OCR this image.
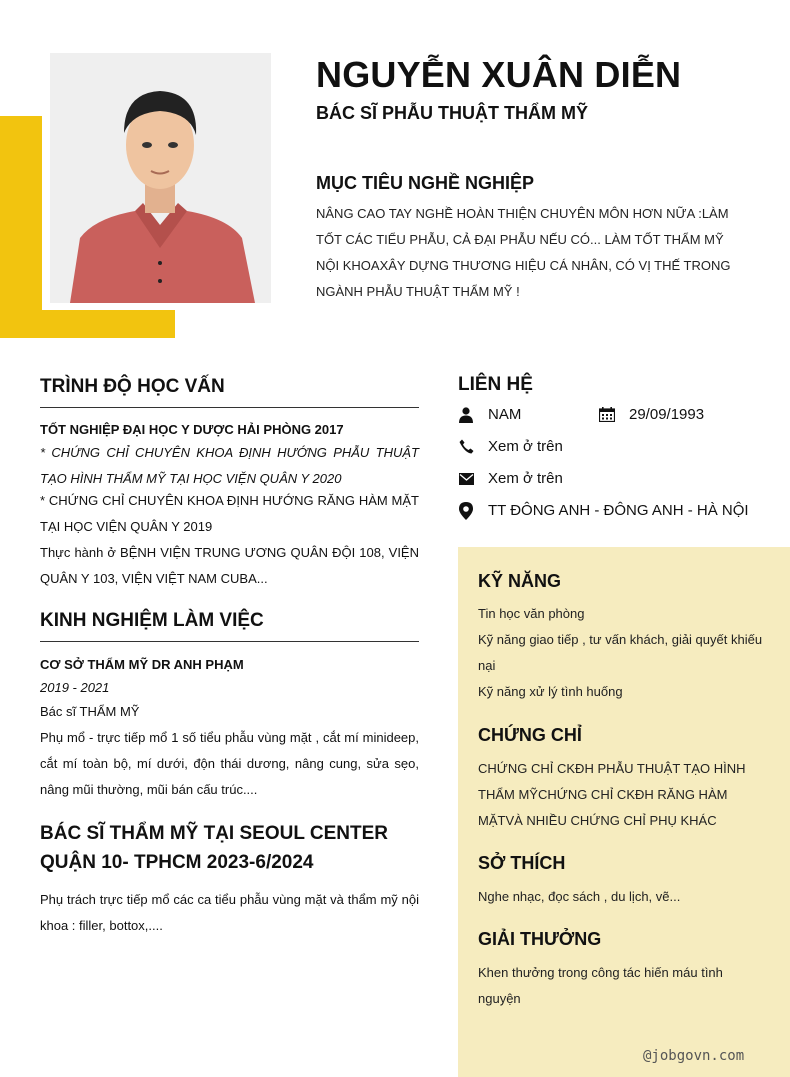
NGUYỄN XUÂN DIỄN
BÁC SĨ PHẪU THUẬT THẨM MỸ
MỤC TIÊU NGHỀ NGHIỆP
NÂNG CAO TAY NGHỀ HOÀN THIỆN CHUYÊN MÔN HƠN NỮA :LÀM TỐT CÁC TIỂU PHẪU, CẢ ĐẠI PHẪU NẾU CÓ... LÀM TỐT THẨM MỸ NỘI KHOAXÂY DỰNG THƯƠNG HIỆU CÁ NHÂN, CÓ VỊ THẾ TRONG NGÀNH PHẪU THUẬT THẨM MỸ !
TRÌNH ĐỘ HỌC VẤN
TỐT NGHIỆP ĐẠI HỌC Y DƯỢC HẢI PHÒNG 2017
* CHỨNG CHỈ CHUYÊN KHOA ĐỊNH HƯỚNG PHẪU THUẬT TẠO HÌNH THẨM MỸ TẠI HỌC VIỆN QUÂN Y 2020
* CHỨNG CHỈ CHUYÊN KHOA ĐỊNH HƯỚNG RĂNG HÀM MẶT TẠI HỌC VIỆN QUÂN Y 2019
Thực hành ở BỆNH VIỆN TRUNG ƯƠNG QUÂN ĐỘI 108, VIỆN QUÂN Y 103, VIỆN VIỆT NAM CUBA...
KINH NGHIỆM LÀM VIỆC
CƠ SỞ THẨM MỸ DR ANH PHẠM
2019 - 2021
Bác sĩ THẨM MỸ
Phụ mổ - trực tiếp mổ 1 số tiểu phẫu vùng mặt , cắt mí minideep, cắt mí toàn bộ, mí dưới, độn thái dương, nâng cung, sửa sẹo, nâng mũi thường, mũi bán cấu trúc....
BÁC SĨ THẨM MỸ TẠI SEOUL CENTER QUẬN 10- TPHCM 2023-6/2024
Phụ trách trực tiếp mổ các ca tiểu phẫu vùng mặt và thẩm mỹ nội khoa : filler, bottox,....
LIÊN HỆ
NAM	29/09/1993
Xem ở trên
Xem ở trên
TT ĐÔNG ANH - ĐÔNG ANH - HÀ NỘI
KỸ NĂNG
Tin học văn phòng
Kỹ năng giao tiếp , tư vấn khách, giải quyết khiếu nại
Kỹ năng xử lý tình huống
CHỨNG CHỈ
CHỨNG CHỈ CKĐH PHẪU THUẬT TẠO HÌNH THẨM MỸCHỨNG CHỈ CKĐH RĂNG HÀM MẶTVÀ NHIỀU CHỨNG CHỈ PHỤ KHÁC
SỞ THÍCH
Nghe nhạc, đọc sách , du lịch, vẽ...
GIẢI THƯỞNG
Khen thưởng trong công tác hiến máu tình nguyện
@jobgovn.com
